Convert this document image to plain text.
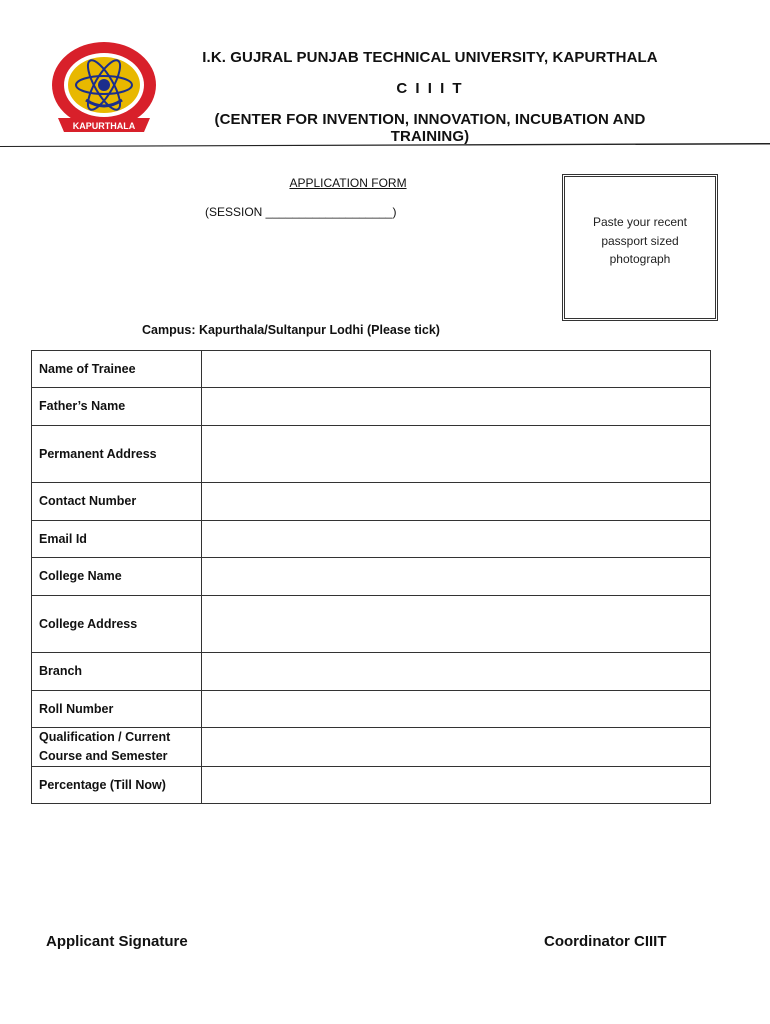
KAPURTHALA
I.K. GUJRAL PUNJAB TECHNICAL UNIVERSITY, KAPURTHALA
C I I I T
(CENTER FOR INVENTION, INNOVATION, INCUBATION AND TRAINING)
APPLICATION FORM
(SESSION ___________________)
Paste your recent passport sized photograph
Campus: Kapurthala/Sultanpur Lodhi (Please tick)
Name of Trainee	

Father’s Name	

Permanent Address	

Contact Number	

Email Id	

College Name	

College Address	

Branch	

Roll Number	

Qualification / Current Course and Semester	

Percentage (Till Now)	

Applicant Signature	Coordinator CIIIT
